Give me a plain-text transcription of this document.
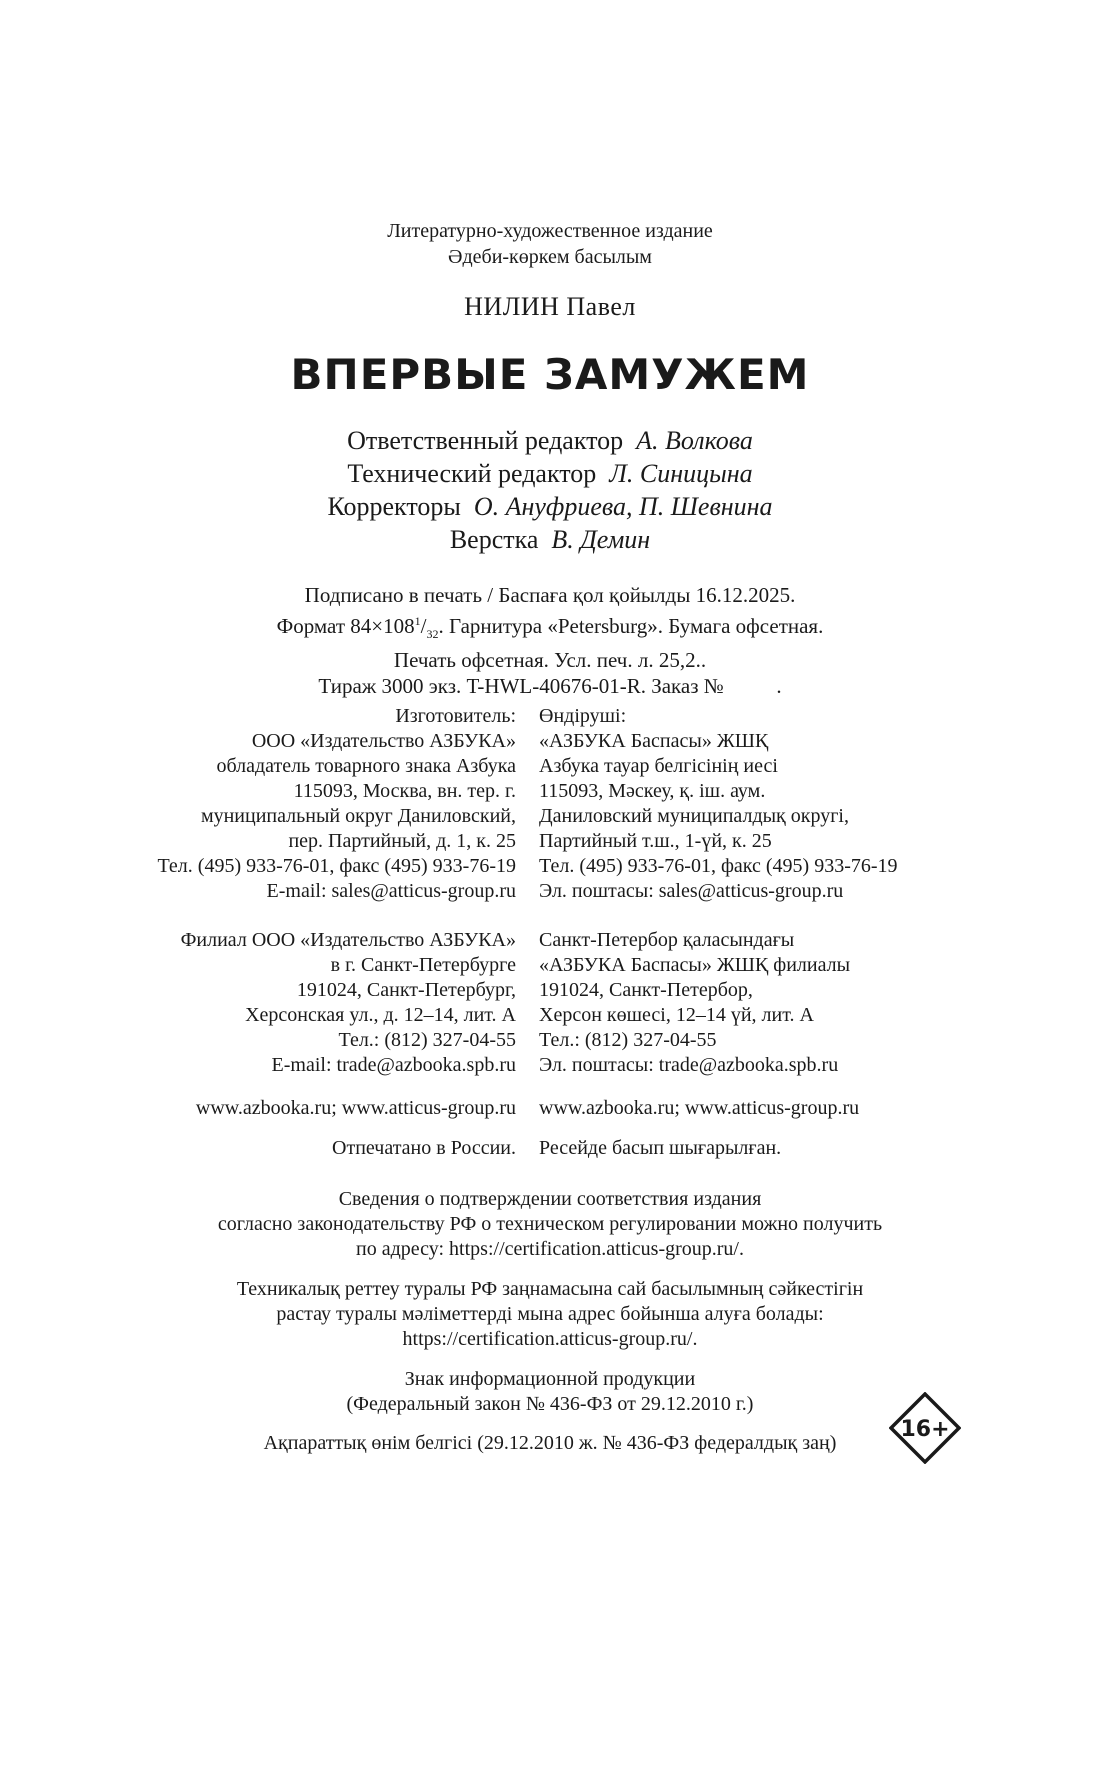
Литературно-художественное издание
Әдеби-көркем басылым
НИЛИН Павел
ВПЕРВЫЕ ЗАМУЖЕМ
Ответственный редактор А. Волкова
Технический редактор Л. Синицына
Корректоры О. Ануфриева, П. Шевнина
Верстка В. Демин
Подписано в печать / Баспаға қол қойылды 16.12.2025.
Формат $84\times 108^1/_{32}$. Гарнитура «Petersburg». Бумага офсетная.
Печать офсетная. Усл. печ. л. 25,2..
Тираж 3000 экз. T-HWL-40676-01-R. Заказ №          .
Изготовитель:
ООО «Издательство АЗБУКА»
обладатель товарного знака Азбука
115093, Москва, вн. тер. г.
муниципальный округ Даниловский,
пер. Партийный, д. 1, к. 25
Тел. (495) 933-76-01, факс (495) 933-76-19
E-mail: sales@atticus-group.ru
Өндіруші:
«АЗБУКА Баспасы» ЖШҚ
Азбука тауар белгісінің иесі
115093, Мәскеу, қ. іш. аум.
Даниловский муниципалдық округі,
Партийный т.ш., 1-үй, к. 25
Тел. (495) 933-76-01, факс (495) 933-76-19
Эл. поштасы: sales@atticus-group.ru
Филиал ООО «Издательство АЗБУКА»
в г. Санкт-Петербурге
191024, Санкт-Петербург,
Херсонская ул., д. 12–14, лит. А
Тел.: (812) 327-04-55
E-mail: trade@azbooka.spb.ru
Санкт-Петербор қаласындағы
«АЗБУКА Баспасы» ЖШҚ филиалы
191024, Санкт-Петербор,
Херсон көшесі, 12–14 үй, лит. А
Тел.: (812) 327-04-55
Эл. поштасы: trade@azbooka.spb.ru
www.azbooka.ru; www.atticus-group.ru www.azbooka.ru; www.atticus-group.ru
Отпечатано в России. Ресейде басып шығарылған.
Сведения о подтверждении соответствия издания
согласно законодательству РФ о техническом регулировании можно получить
по адресу: https://certification.atticus-group.ru/.
Техникалық реттеу туралы РФ заңнамасына сай басылымның сәйкестігін
растау туралы мәліметтерді мына адрес бойынша алуға болады:
https://certification.atticus-group.ru/.
Знак информационной продукции
(Федеральный закон № 436-ФЗ от 29.12.2010 г.)
Ақпараттық өнім белгісі (29.12.2010 ж. № 436-ФЗ федералдық заң)
16+
